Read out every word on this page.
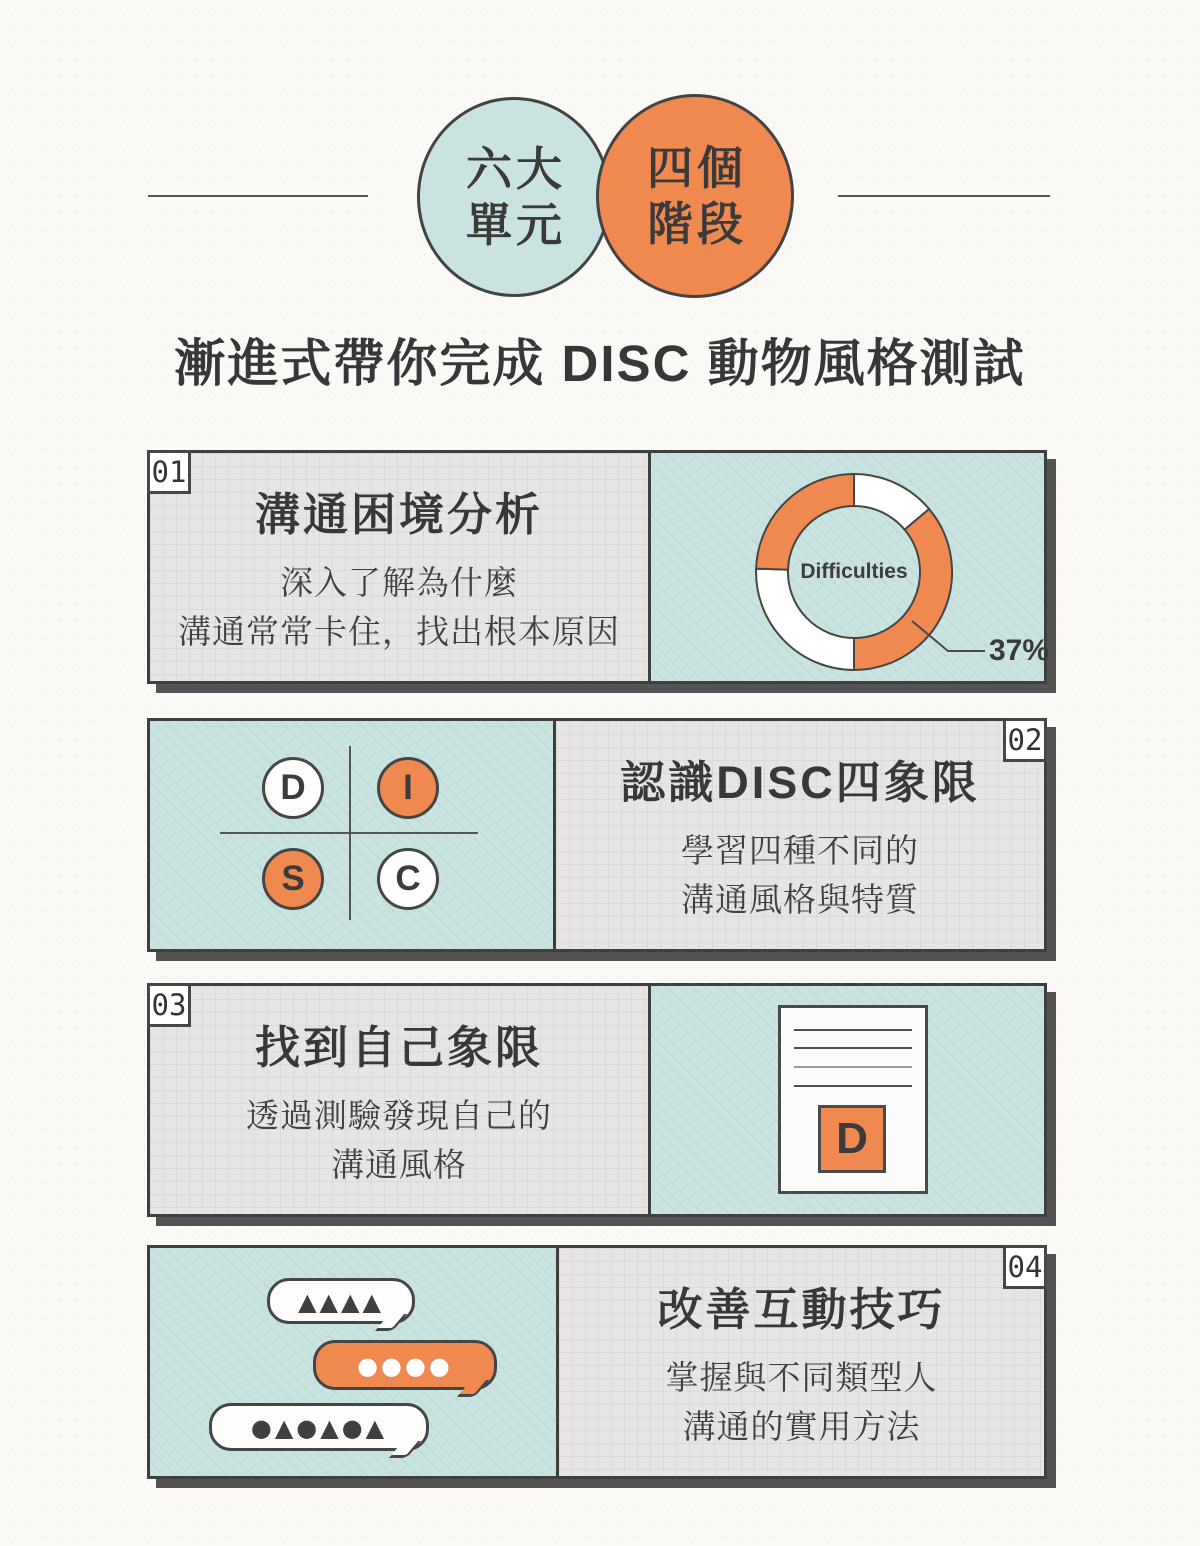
六大
單元
四個
階段
漸進式帶你完成 DISC 動物風格測試
01
溝通困境分析
深入了解為什麼
溝通常常卡住，找出根本原因
Difficulties
37%
02
D	I
S	C
認識DISC四象限
學習四種不同的
溝通風格與特質
03
找到自己象限
透過測驗發現自己的
溝通風格
D
04
▲▲▲▲
●●●●
●▲●▲●▲
改善互動技巧
掌握與不同類型人
溝通的實用方法
